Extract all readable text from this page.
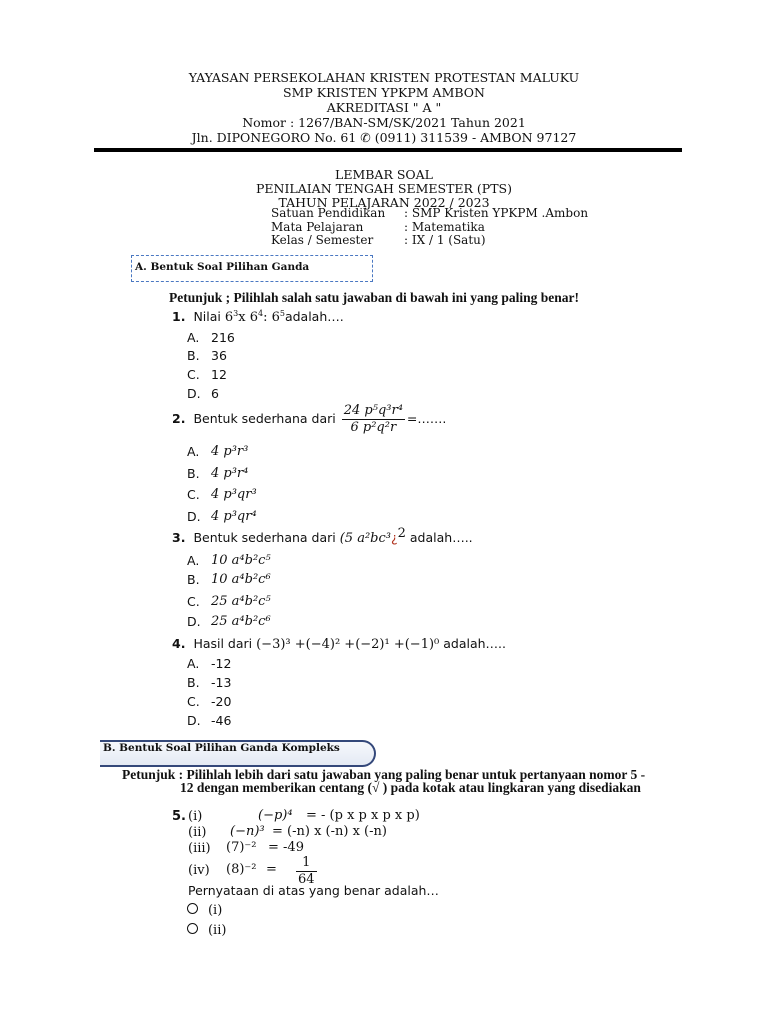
YAYASAN PERSEKOLAHAN KRISTEN PROTESTAN MALUKU
SMP KRISTEN YPKPM AMBON
AKREDITASI " A "
Nomor : 1267/BAN-SM/SK/2021 Tahun 2021
Jln. DIPONEGORO No. 61 ✆ (0911) 311539 - AMBON 97127
LEMBAR SOAL
PENILAIAN TENGAH SEMESTER (PTS)
TAHUN PELAJARAN 2022 / 2023
Satuan Pendidikan : SMP Kristen YPKPM .Ambon
Mata Pelajaran	: Matematika
Kelas / Semester	: IX / 1 (Satu)
A. Bentuk Soal Pilihan Ganda
Petunjuk ; Pilihlah salah satu jawaban di bawah ini yang paling benar!
1. Nilai $6^3x$ $6^4$: $6^5adalah\dots$.
A. 216
B. 36
C. 12
D. 6
2. Bentuk sederhana dari $\frac{\text{24 p⁵q³r⁴}}{\text{6 p²q²r}}$ =…….
A. 4 p³r³
B. 4 p³r⁴
C. 4 p³qr³
D. 4 p³qr⁴
3. Bentuk sederhana dari (5 a²bc³¿$^2$ adalah…..
A. 10 a⁴b²c⁵
B. 10 a⁴b²c⁶
C. 25 a⁴b²c⁵
D. 25 a⁴b²c⁶
4. Hasil dari (−3)³ +(−4)² +(−2)¹ +(−1)⁰ adalah…..
A. -12
B. -13
C. -20
D. -46
B. Bentuk Soal Pilihan Ganda Kompleks
Petunjuk : Pilihlah lebih dari satu jawaban yang paling benar untuk pertanyaan nomor 5 -
12 dengan memberikan centang (√ ) pada kotak atau lingkaran yang disediakan
5. (i)	(−p)⁴ = - (p x p x p x p)
(ii) (−n)³ = (-n) x (-n) x (-n)
(iii) (7)⁻² = -49
(iv) $(8)^{-2} = \frac{1}{64}$
Pernyataan di atas yang benar adalah…
(i)
(ii)
